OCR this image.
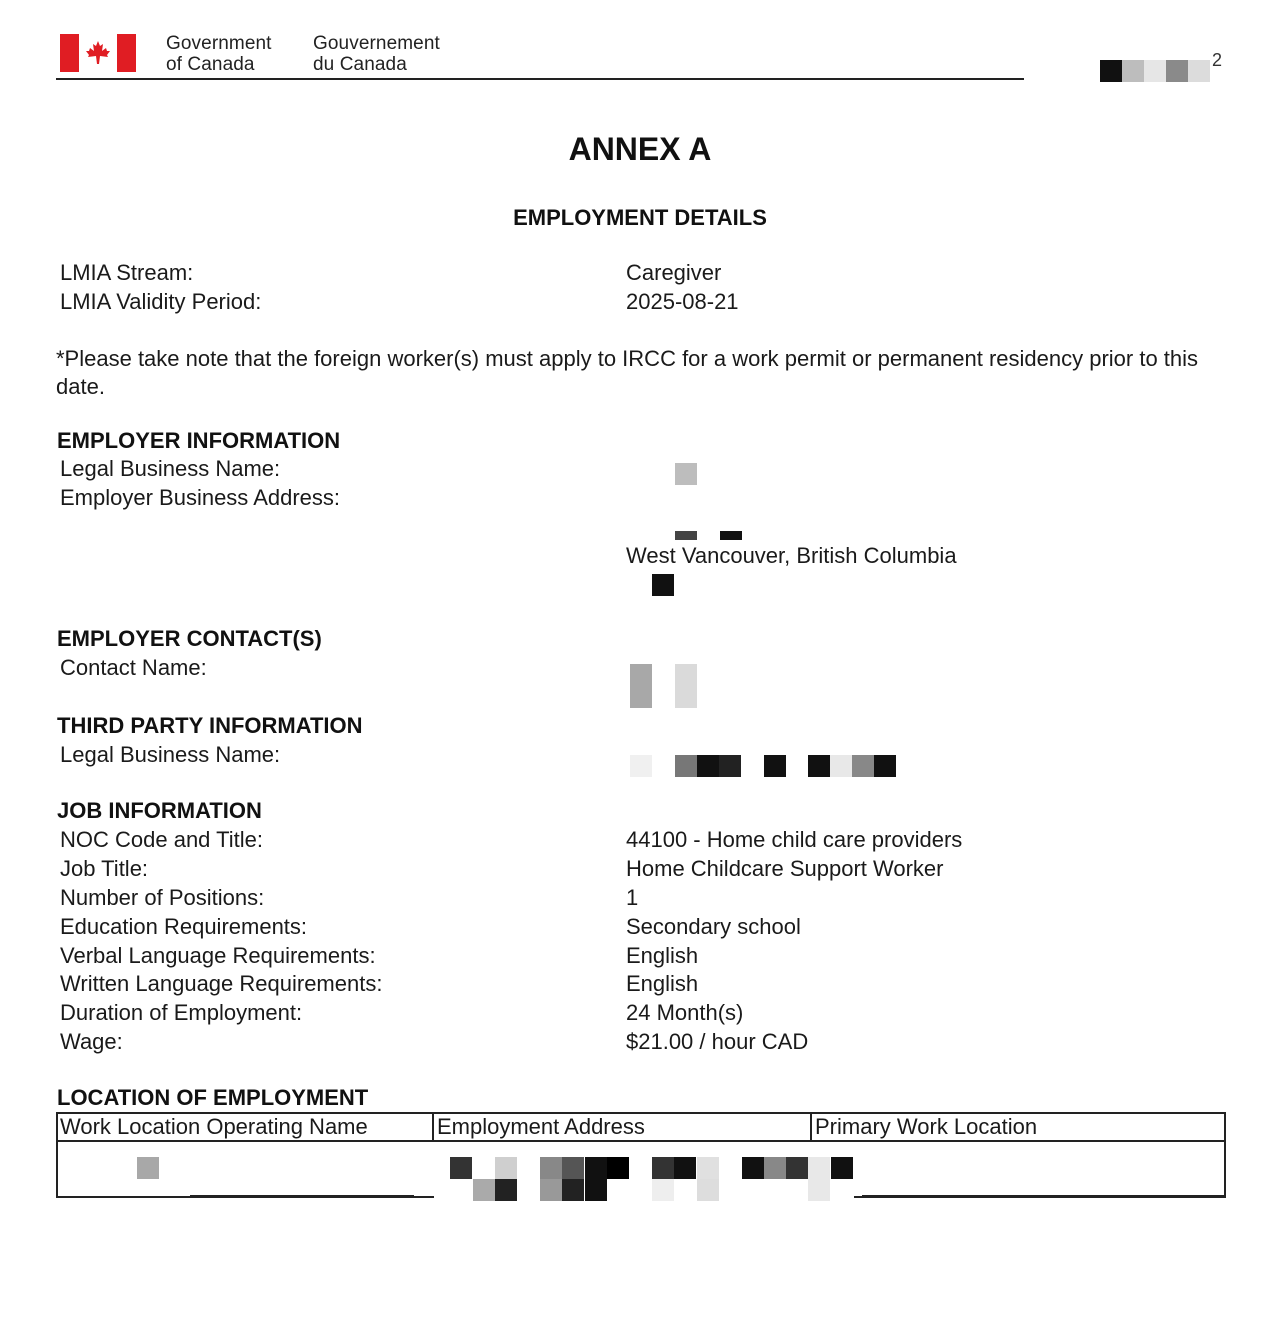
Government
of Canada
Gouvernement
du Canada	2
ANNEX A
EMPLOYMENT DETAILS
LMIA Stream:	Caregiver
LMIA Validity Period:	2025-08-21
*Please take note that the foreign worker(s) must apply to IRCC for a work permit or permanent residency prior to this date.
EMPLOYER INFORMATION
Legal Business Name:
Employer Business Address:
West Vancouver, British Columbia
EMPLOYER CONTACT(S)
Contact Name:
THIRD PARTY INFORMATION
Legal Business Name:
JOB INFORMATION
NOC Code and Title:	44100 - Home child care providers
Job Title:	Home Childcare Support Worker
Number of Positions:	1
Education Requirements:	Secondary school
Verbal Language Requirements:	English
Written Language Requirements:	English
Duration of Employment:	24 Month(s)
Wage:	$21.00 / hour CAD
LOCATION OF EMPLOYMENT
Work Location Operating Name	Employment Address	Primary Work Location
